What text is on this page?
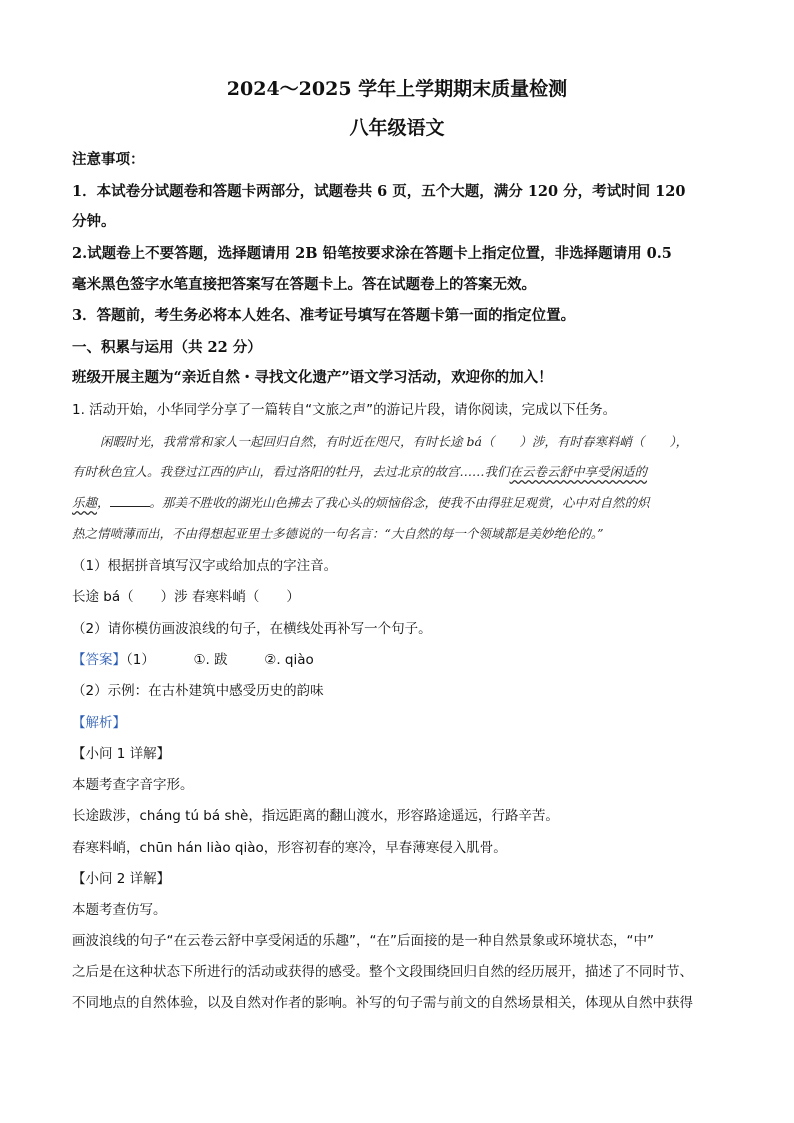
2024～2025 学年上学期期末质量检测
八年级语文
注意事项：
1．本试卷分试题卷和答题卡两部分，试题卷共 6 页，五个大题，满分 120 分，考试时间 120
分钟。
2.试题卷上不要答题，选择题请用 2B 铅笔按要求涂在答题卡上指定位置，非选择题请用 0.5
毫米黑色签字水笔直接把答案写在答题卡上。答在试题卷上的答案无效。
3．答题前，考生务必将本人姓名、准考证号填写在答题卡第一面的指定位置。
一、积累与运用（共 22 分）
班级开展主题为“亲近自然・寻找文化遗产”语文学习活动，欢迎你的加入！
1. 活动开始，小华同学分享了一篇转自“文旅之声”的游记片段，请你阅读，完成以下任务。
闲暇时光，我常常和家人一起回归自然，有时近在咫尺，有时长途 bá（　　）涉，有时春寒料峭（　　），
有时秋色宜人。我登过江西的庐山，看过洛阳的牡丹，去过北京的故宫……我们在云卷云舒中享受闲适的
乐趣，	。那美不胜收的湖光山色拂去了我心头的烦恼俗念，使我不由得驻足观赏，心中对自然的炽
热之情喷薄而出，不由得想起亚里士多德说的一句名言：“大自然的每一个领域都是美妙绝伦的。”
（1）根据拼音填写汉字或给加点的字注音。
长途 bá（　　）涉 春寒料峭（　　）
（2）请你模仿画波浪线的句子，在横线处再补写一个句子。
【答案】（1）	①. 跋	②. qiào
（2）示例：在古朴建筑中感受历史的韵味
【解析】
【小问 1 详解】
本题考查字音字形。
长途跋涉，cháng tú bá shè，指远距离的翻山渡水，形容路途遥远，行路辛苦。
春寒料峭，chūn hán liào qiào，形容初春的寒冷，早春薄寒侵入肌骨。
【小问 2 详解】
本题考查仿写。
画波浪线的句子“在云卷云舒中享受闲适的乐趣”，“在”后面接的是一种自然景象或环境状态，“中”
之后是在这种状态下所进行的活动或获得的感受。整个文段围绕回归自然的经历展开，描述了不同时节、
不同地点的自然体验，以及自然对作者的影响。补写的句子需与前文的自然场景相关，体现从自然中获得
